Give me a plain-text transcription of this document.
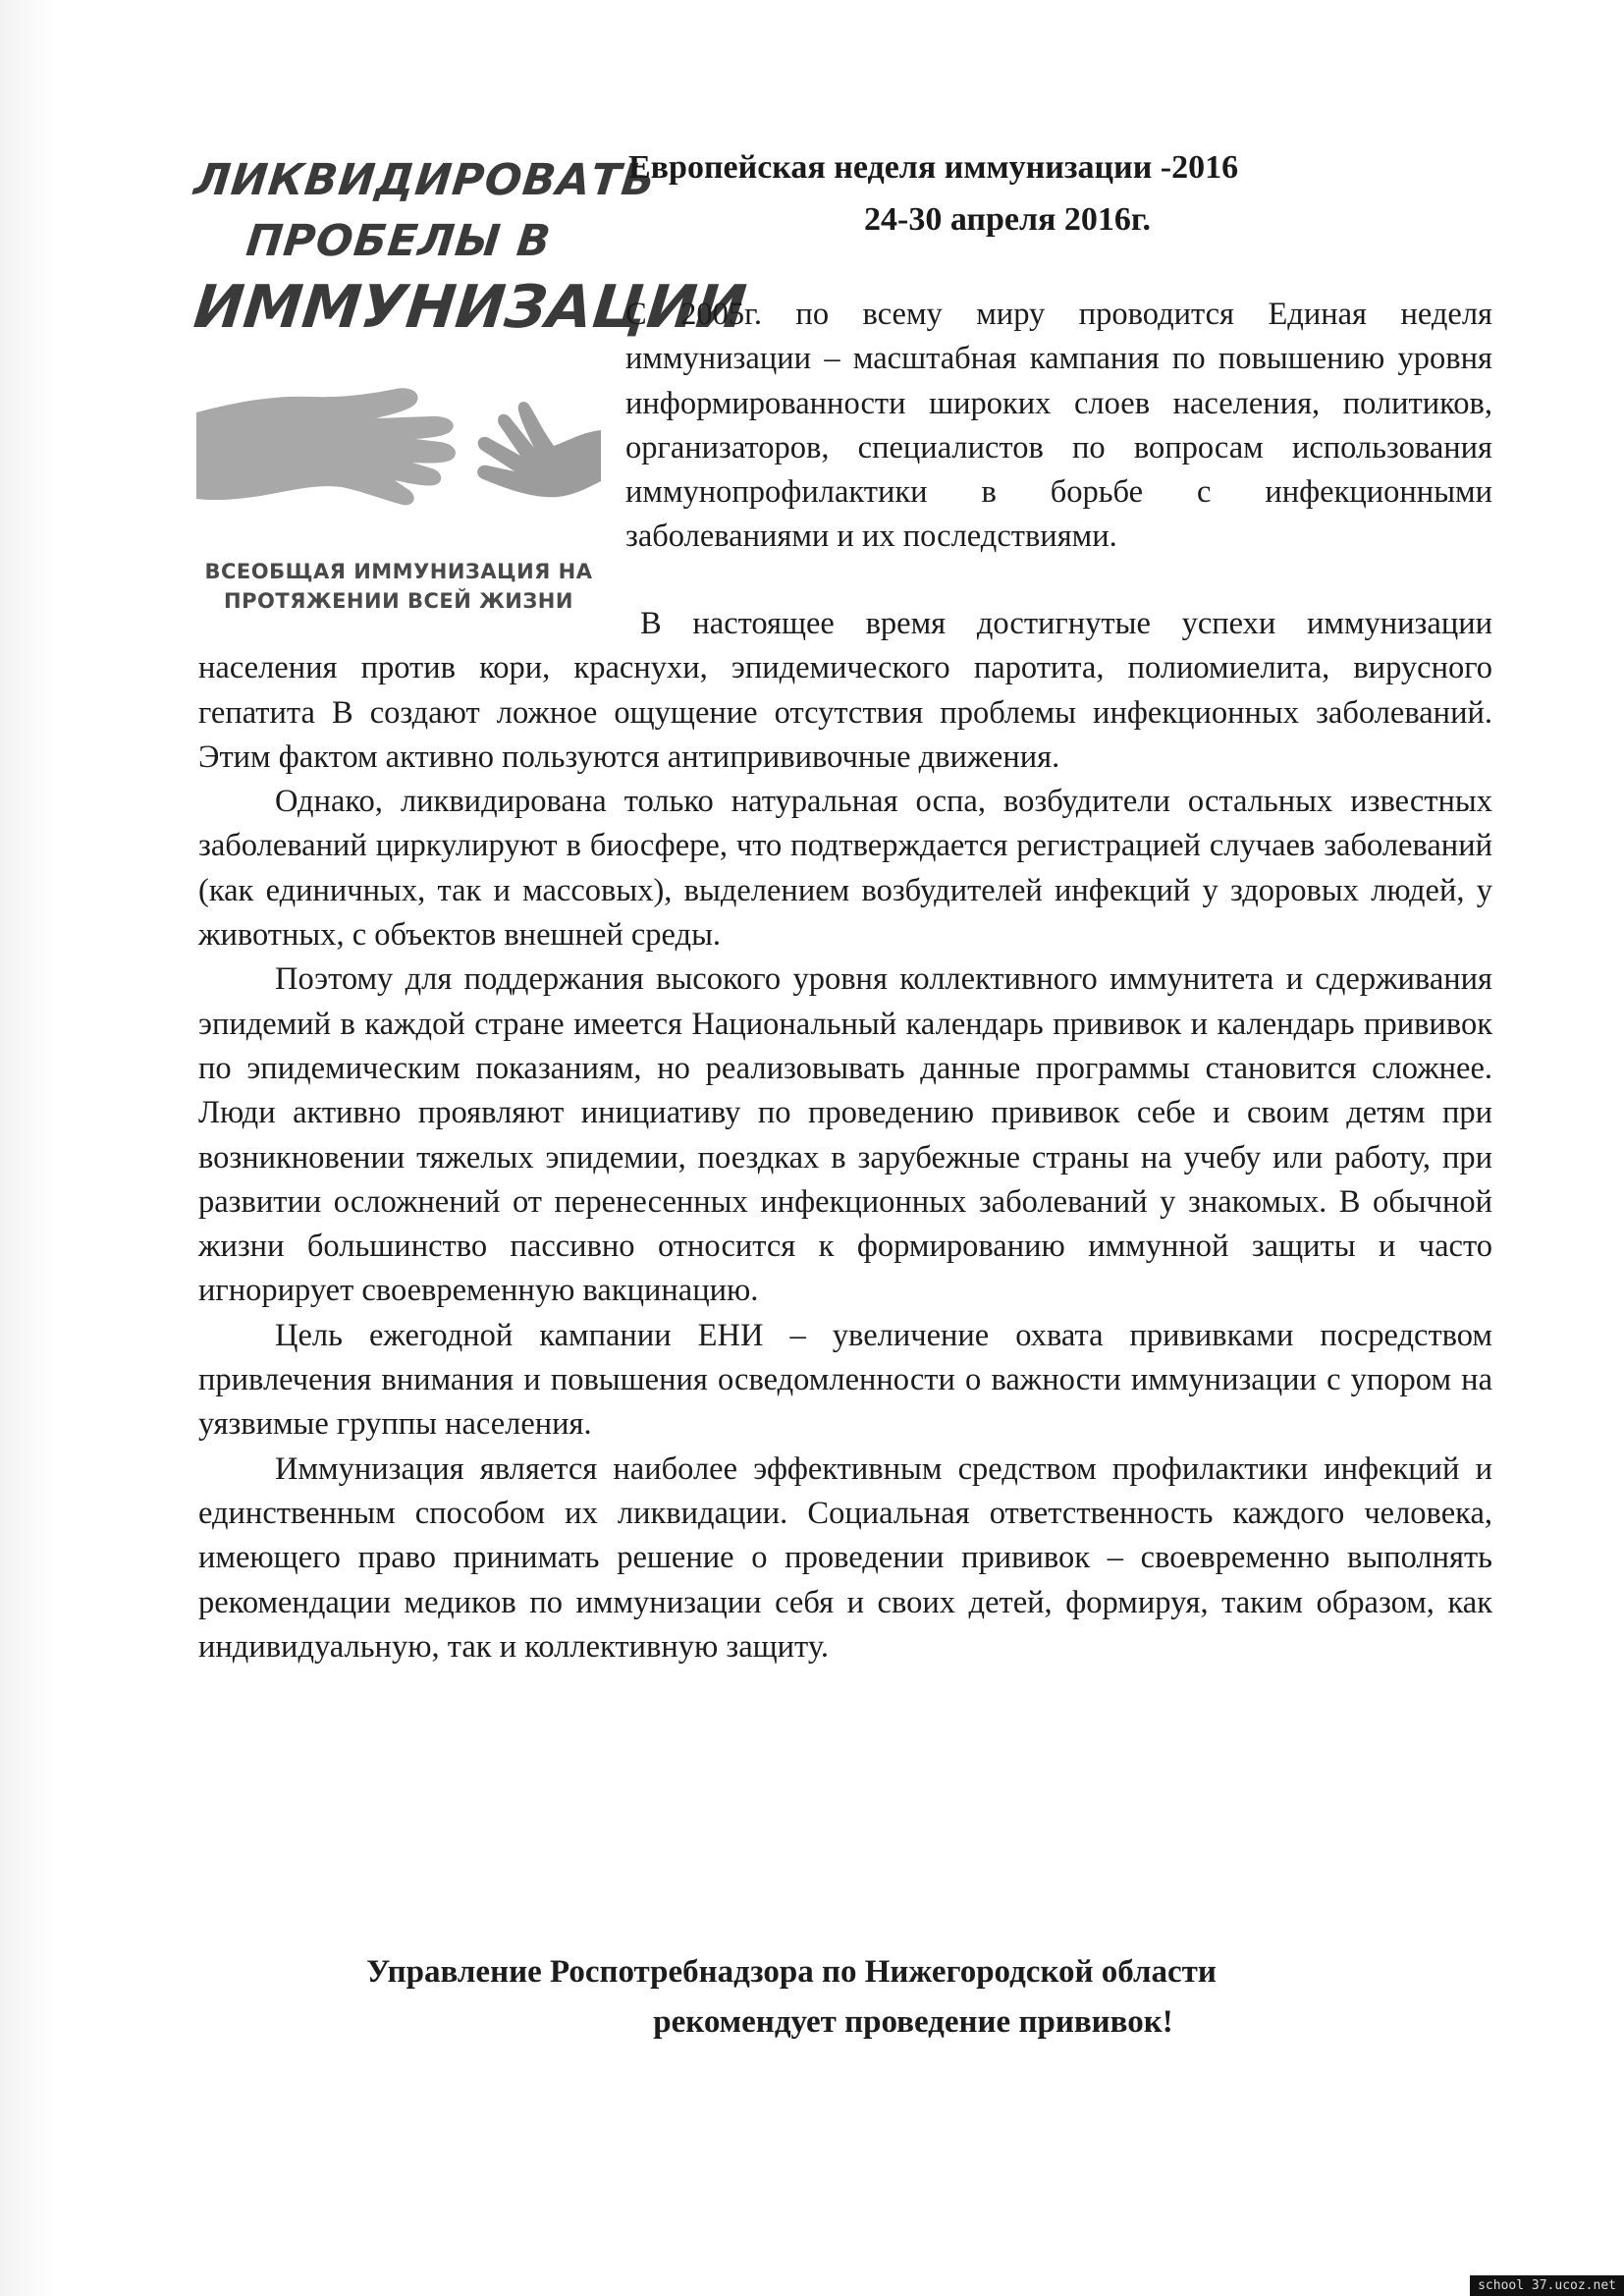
ЛИКВИДИРОВАТЬ
ПРОБЕЛЫ В
ИММУНИЗАЦИИ
ВСЕОБЩАЯ ИММУНИЗАЦИЯ НА
ПРОТЯЖЕНИИ ВСЕЙ ЖИЗНИ
Европейская неделя иммунизации -2016
24-30 апреля 2016г.
С 2005г. по всему миру проводится Единая неделя иммунизации – масштабная кампания по повышению уровня информированности широких слоев населения, политиков, организаторов, специалистов по вопросам использования иммунопрофилактики в борьбе с инфекционными заболеваниями и их последствиями.

В настоящее время достигнутые успехи иммунизации населения против кори, краснухи, эпидемического паротита, полиомиелита, вирусного гепатита В создают ложное ощущение отсутствия проблемы инфекционных заболеваний. Этим фактом активно пользуются антипрививочные движения.

Однако, ликвидирована только натуральная оспа, возбудители остальных известных заболеваний циркулируют в биосфере, что подтверждается регистрацией случаев заболеваний (как единичных, так и массовых), выделением возбудителей инфекций у здоровых людей, у животных, с объектов внешней среды.

Поэтому для поддержания высокого уровня коллективного иммунитета и сдерживания эпидемий в каждой стране имеется Национальный календарь прививок и календарь прививок по эпидемическим показаниям, но реализовывать данные программы становится сложнее. Люди активно проявляют инициативу по проведению прививок себе и своим детям при возникновении тяжелых эпидемии, поездках в зарубежные страны на учебу или работу, при развитии осложнений от перенесенных инфекционных заболеваний у знакомых. В обычной жизни большинство пассивно относится к формированию иммунной защиты и часто игнорирует своевременную вакцинацию.

Цель ежегодной кампании ЕНИ – увеличение охвата прививками посредством привлечения внимания и повышения осведомленности о важности иммунизации с упором на уязвимые группы населения.

Иммунизация является наиболее эффективным средством профилактики инфекций и единственным способом их ликвидации. Социальная ответственность каждого человека, имеющего право принимать решение о проведении прививок – своевременно выполнять рекомендации медиков по иммунизации себя и своих детей, формируя, таким образом, как индивидуальную, так и коллективную защиту.

Управление Роспотребнадзора по Нижегородской области
рекомендует проведение прививок!
school 37.ucoz.net
